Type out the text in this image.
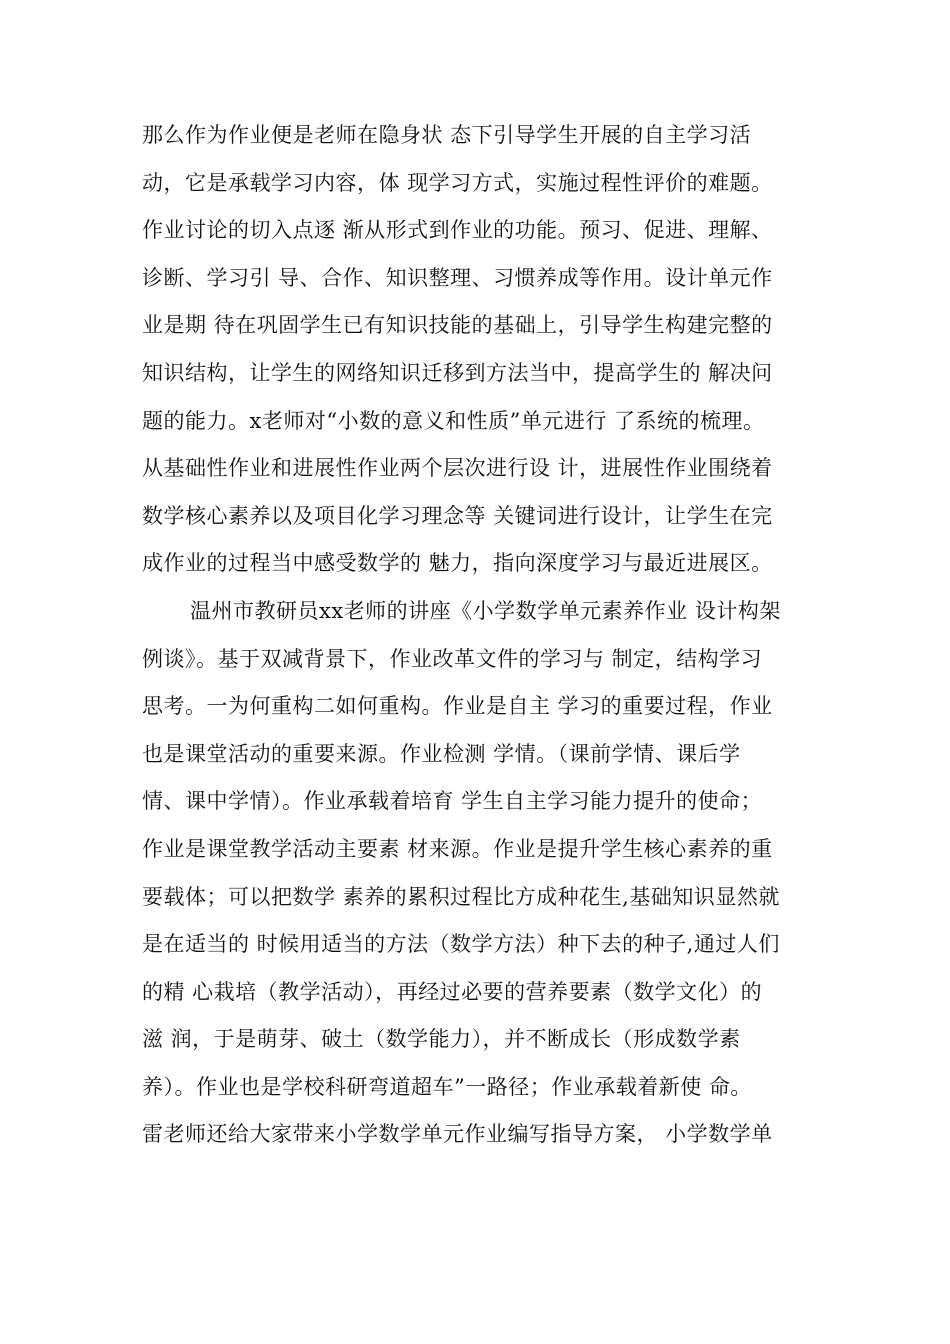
那么作为作业便是老师在隐身状 态下引导学生开展的自主学习活
动，它是承载学习内容，体 现学习方式，实施过程性评价的难题。
作业讨论的切入点逐 渐从形式到作业的功能。预习、促进、理解、
诊断、学习引 导、合作、知识整理、习惯养成等作用。设计单元作
业是期 待在巩固学生已有知识技能的基础上，引导学生构建完整的
知识结构，让学生的网络知识迁移到方法当中，提高学生的 解决问
题的能力。x老师对“小数的意义和性质”单元进行 了系统的梳理。
从基础性作业和进展性作业两个层次进行设 计，进展性作业围绕着
数学核心素养以及项目化学习理念等 关键词进行设计，让学生在完
成作业的过程当中感受数学的 魅力，指向深度学习与最近进展区。
温州市教研员xx老师的讲座《小学数学单元素养作业 设计构架
例谈》。基于双减背景下，作业改革文件的学习与 制定，结构学习
思考。一为何重构二如何重构。作业是自主 学习的重要过程，作业
也是课堂活动的重要来源。作业检测 学情。（课前学情、课后学
情、课中学情）。作业承载着培育 学生自主学习能力提升的使命；
作业是课堂教学活动主要素 材来源。作业是提升学生核心素养的重
要载体；可以把数学 素养的累积过程比方成种花生,基础知识显然就
是在适当的 时候用适当的方法（数学方法）种下去的种子,通过人们
的精 心栽培（教学活动），再经过必要的营养要素（数学文化）的
滋 润，于是萌芽、破土（数学能力），并不断成长（形成数学素
养）。作业也是学校科研弯道超车”一路径；作业承载着新使 命。
雷老师还给大家带来小学数学单元作业编写指导方案， 小学数学单
